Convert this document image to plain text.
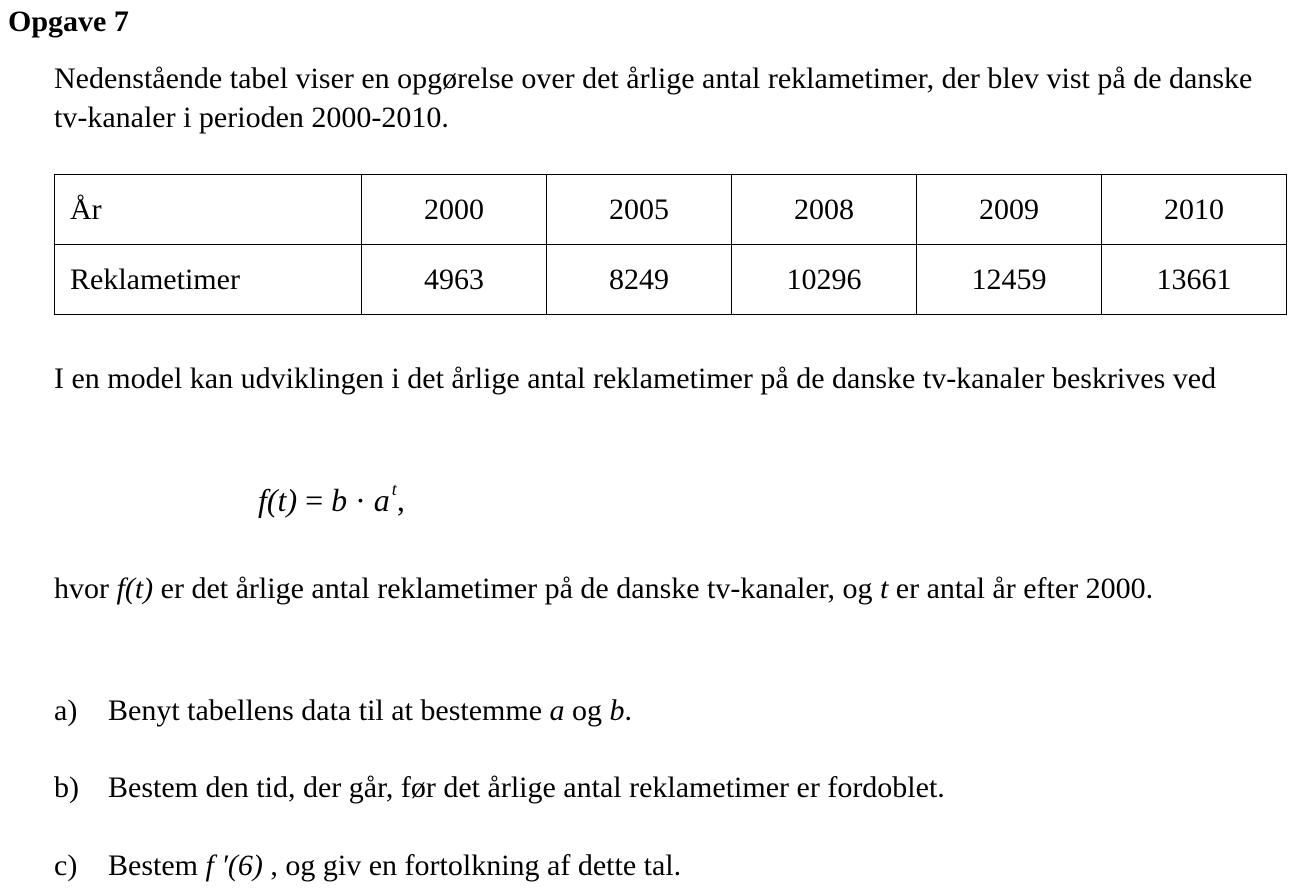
Opgave 7
Nedenstående tabel viser en opgørelse over det årlige antal reklametimer, der blev vist på de danske tv-kanaler i perioden 2000-2010.
År	2000	2005	2008	2009	2010
Reklametimer	4963	8249	10296	12459	13661
I en model kan udviklingen i det årlige antal reklametimer på de danske tv-kanaler beskrives ved
f(t) = b · a $^t$,
hvor f(t) er det årlige antal reklametimer på de danske tv-kanaler, og t er antal år efter 2000.
a) Benyt tabellens data til at bestemme a og b.
b) Bestem den tid, der går, før det årlige antal reklametimer er fordoblet.
c) Bestem f ′(6) , og giv en fortolkning af dette tal.
